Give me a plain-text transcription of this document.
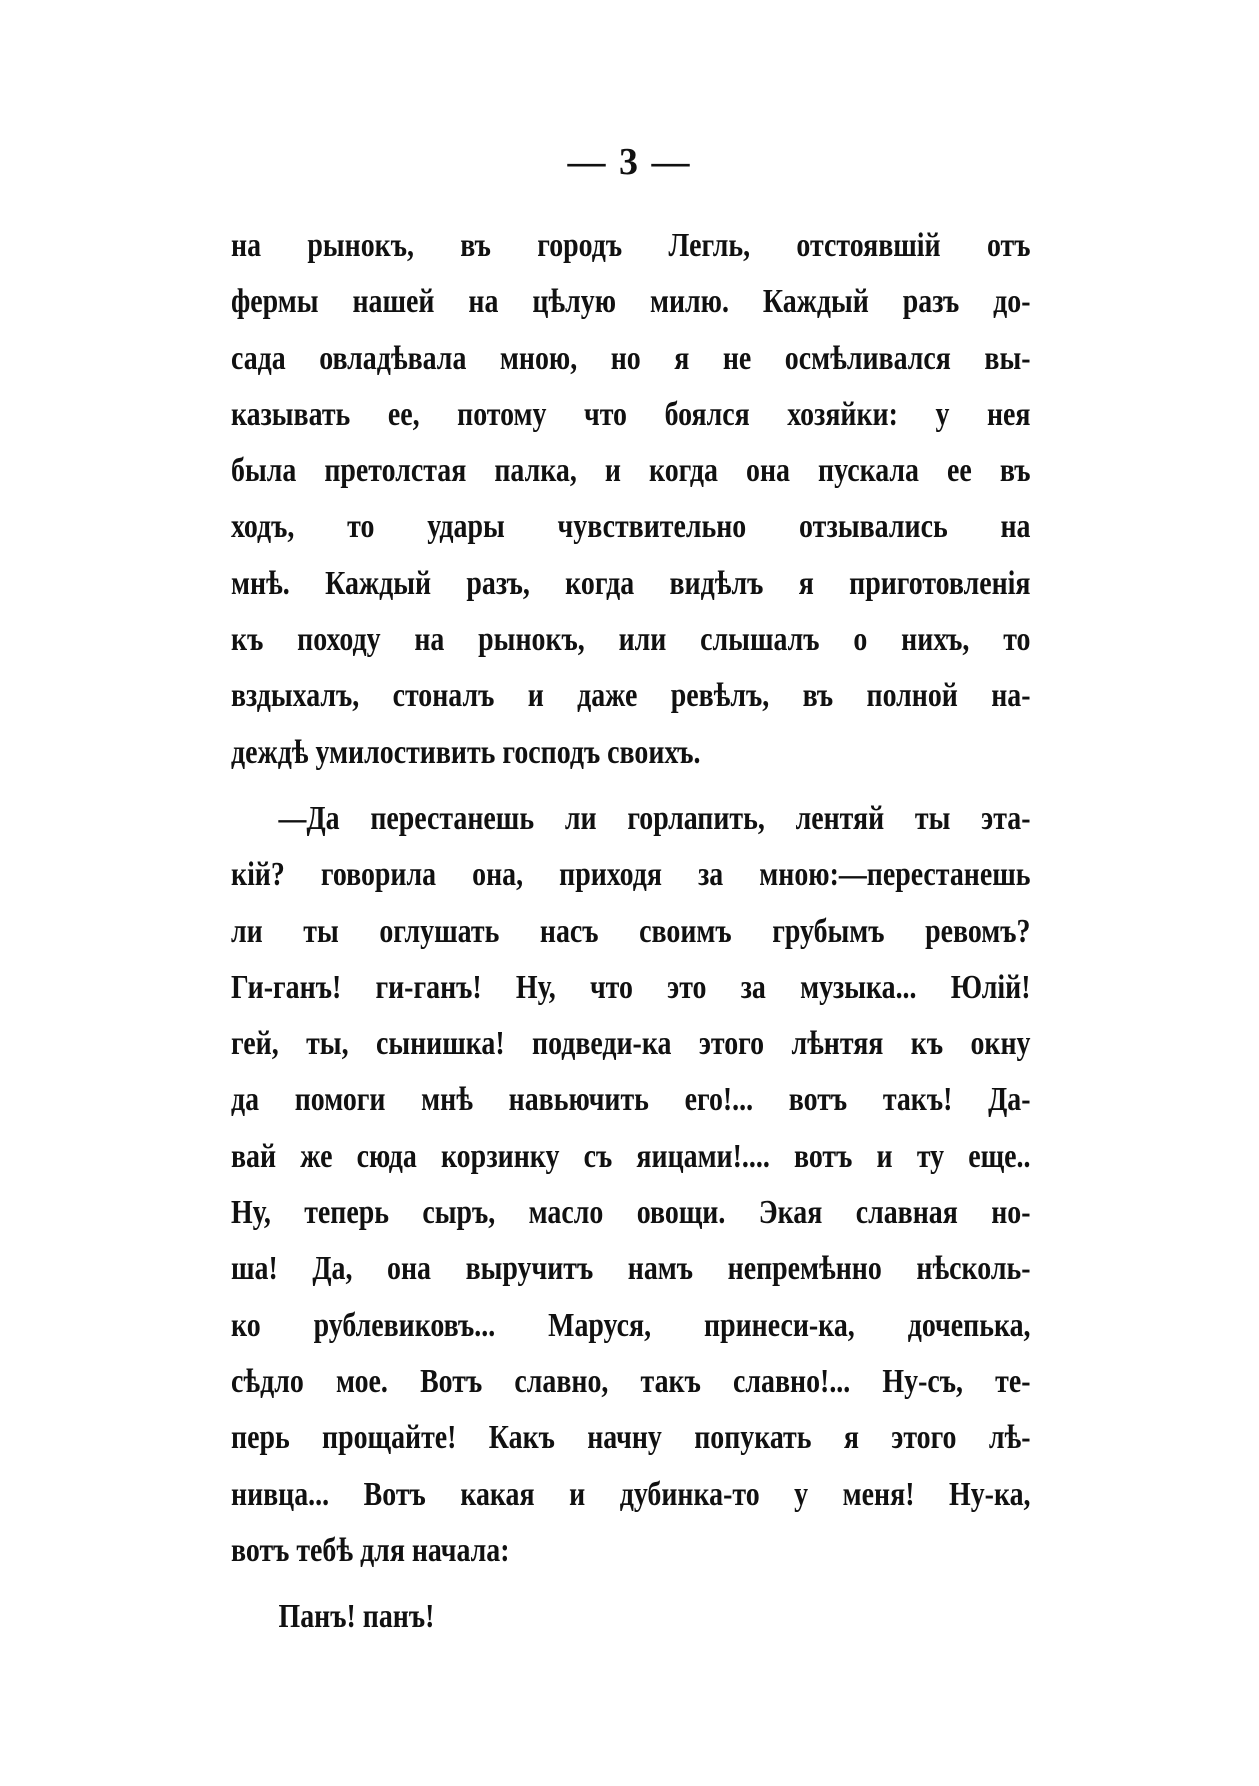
— 3 —
на рынокъ, въ городъ Легль, отстоявшій отъ
фермы нашей на цѣлую милю. Каждый разъ до-
сада овладѣвала мною, но я не осмѣливался вы-
казывать ее, потому что боялся хозяйки: у нея
была претолстая палка, и когда она пускала ее въ
ходъ, то удары чувствительно отзывались на
мнѣ. Каждый разъ, когда видѣлъ я приготовленія
къ походу на рынокъ, или слышалъ о нихъ, то
вздыхалъ, стоналъ и даже ревѣлъ, въ полной на-
деждѣ умилостивить господъ своихъ.
—Да перестанешь ли горлапить, лентяй ты эта-
кій? говорила она, приходя за мною:—перестанешь
ли ты оглушать насъ своимъ грубымъ ревомъ?
Ги-ганъ! ги-ганъ! Ну, что это за музыка... Юлій!
гей, ты, сынишка! подведи-ка этого лѣнтяя къ окну
да помоги мнѣ навьючить его!... вотъ такъ! Да-
вай же сюда корзинку съ яицами!.... вотъ и ту еще..
Ну, теперь сыръ, масло овощи. Экая славная но-
ша! Да, она выручитъ намъ непремѣнно нѣсколь-
ко рублевиковъ... Маруся, принеси-ка, дочепька,
сѣдло мое. Вотъ славно, такъ славно!... Ну-съ, те-
перь прощайте! Какъ начну попукать я этого лѣ-
нивца... Вотъ какая и дубинка-то у меня! Ну-ка,
вотъ тебѣ для начала:
Панъ! панъ!
